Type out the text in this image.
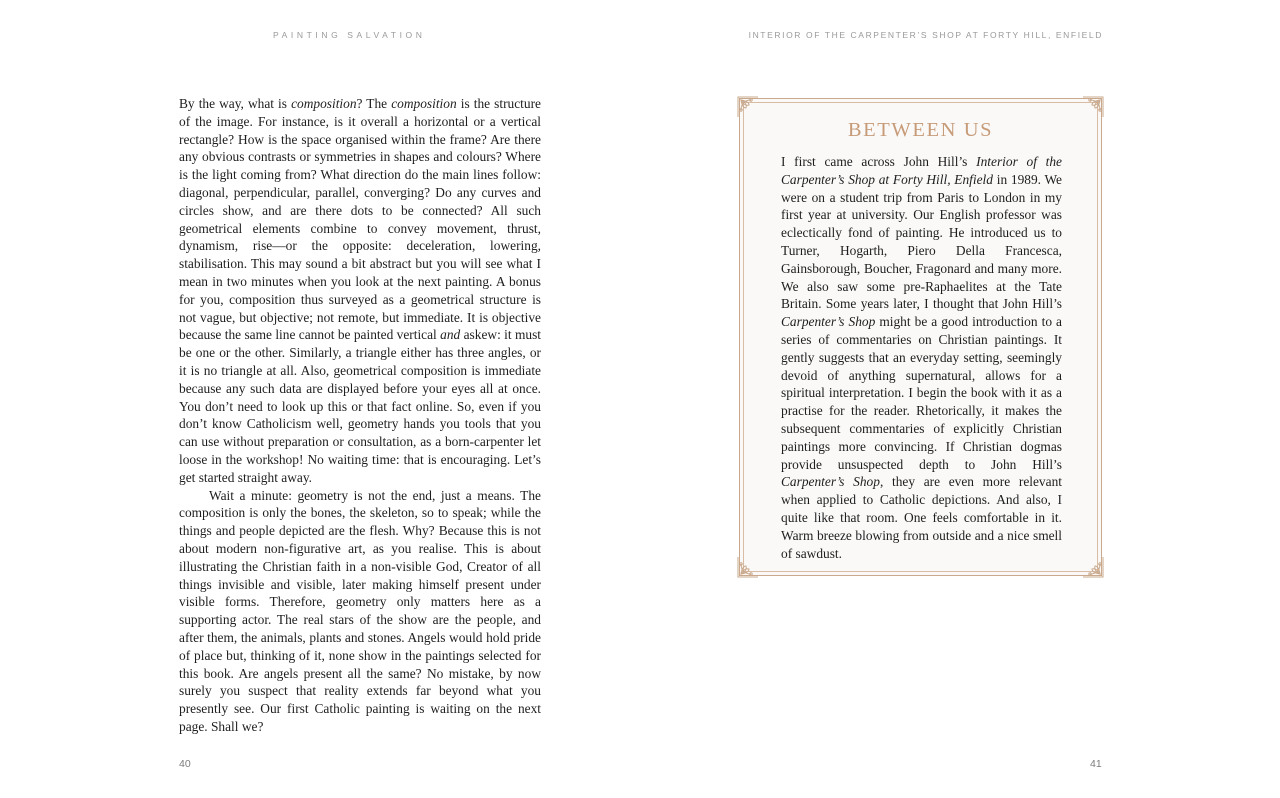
PAINTING SALVATION	INTERIOR OF THE CARPENTER’S SHOP AT FORTY HILL, ENFIELD

By the way, what is composition? The composition is the structure of the image. For instance, is it overall a horizontal or a vertical rectangle? How is the space organised within the frame? Are there any obvious contrasts or symmetries in shapes and colours? Where is the light coming from? What direction do the main lines follow: diagonal, perpendicular, parallel, converging? Do any curves and circles show, and are there dots to be connected? All such geometrical elements combine to convey movement, thrust, dynamism, rise—or the opposite: deceleration, lowering, stabilisation. This may sound a bit abstract but you will see what I mean in two minutes when you look at the next painting. A bonus for you, composition thus surveyed as a geometrical structure is not vague, but objective; not remote, but immediate. It is objective because the same line cannot be painted vertical and askew: it must be one or the other. Similarly, a triangle either has three angles, or it is no triangle at all. Also, geometrical composition is immediate because any such data are displayed before your eyes all at once. You don’t need to look up this or that fact online. So, even if you don’t know Catholicism well, geometry hands you tools that you can use without preparation or consultation, as a born-carpenter let loose in the workshop! No waiting time: that is encouraging. Let’s get started straight away.

Wait a minute: geometry is not the end, just a means. The composition is only the bones, the skeleton, so to speak; while the things and people depicted are the flesh. Why? Because this is not about modern non-figurative art, as you realise. This is about illustrating the Christian faith in a non-visible God, Creator of all things invisible and visible, later making himself present under visible forms. Therefore, geometry only matters here as a supporting actor. The real stars of the show are the people, and after them, the animals, plants and stones. Angels would hold pride of place but, thinking of it, none show in the paintings selected for this book. Are angels present all the same? No mistake, by now surely you suspect that reality extends far beyond what you presently see. Our first Catholic painting is waiting on the next page. Shall we?

40
BETWEEN US

I first came across John Hill’s Interior of the Carpenter’s Shop at Forty Hill, Enfield in 1989. We were on a student trip from Paris to London in my first year at university. Our English professor was eclectically fond of painting. He introduced us to Turner, Hogarth, Piero Della Francesca, Gainsborough, Boucher, Fragonard and many more. We also saw some pre-Raphaelites at the Tate Britain. Some years later, I thought that John Hill’s Carpenter’s Shop might be a good introduction to a series of commentaries on Christian paintings. It gently suggests that an everyday setting, seemingly devoid of anything supernatural, allows for a spiritual interpretation. I begin the book with it as a practise for the reader. Rhetorically, it makes the subsequent commentaries of explicitly Christian paintings more convincing. If Christian dogmas provide unsuspected depth to John Hill’s Carpenter’s Shop, they are even more relevant when applied to Catholic depictions. And also, I quite like that room. One feels comfortable in it. Warm breeze blowing from outside and a nice smell of sawdust.

41
